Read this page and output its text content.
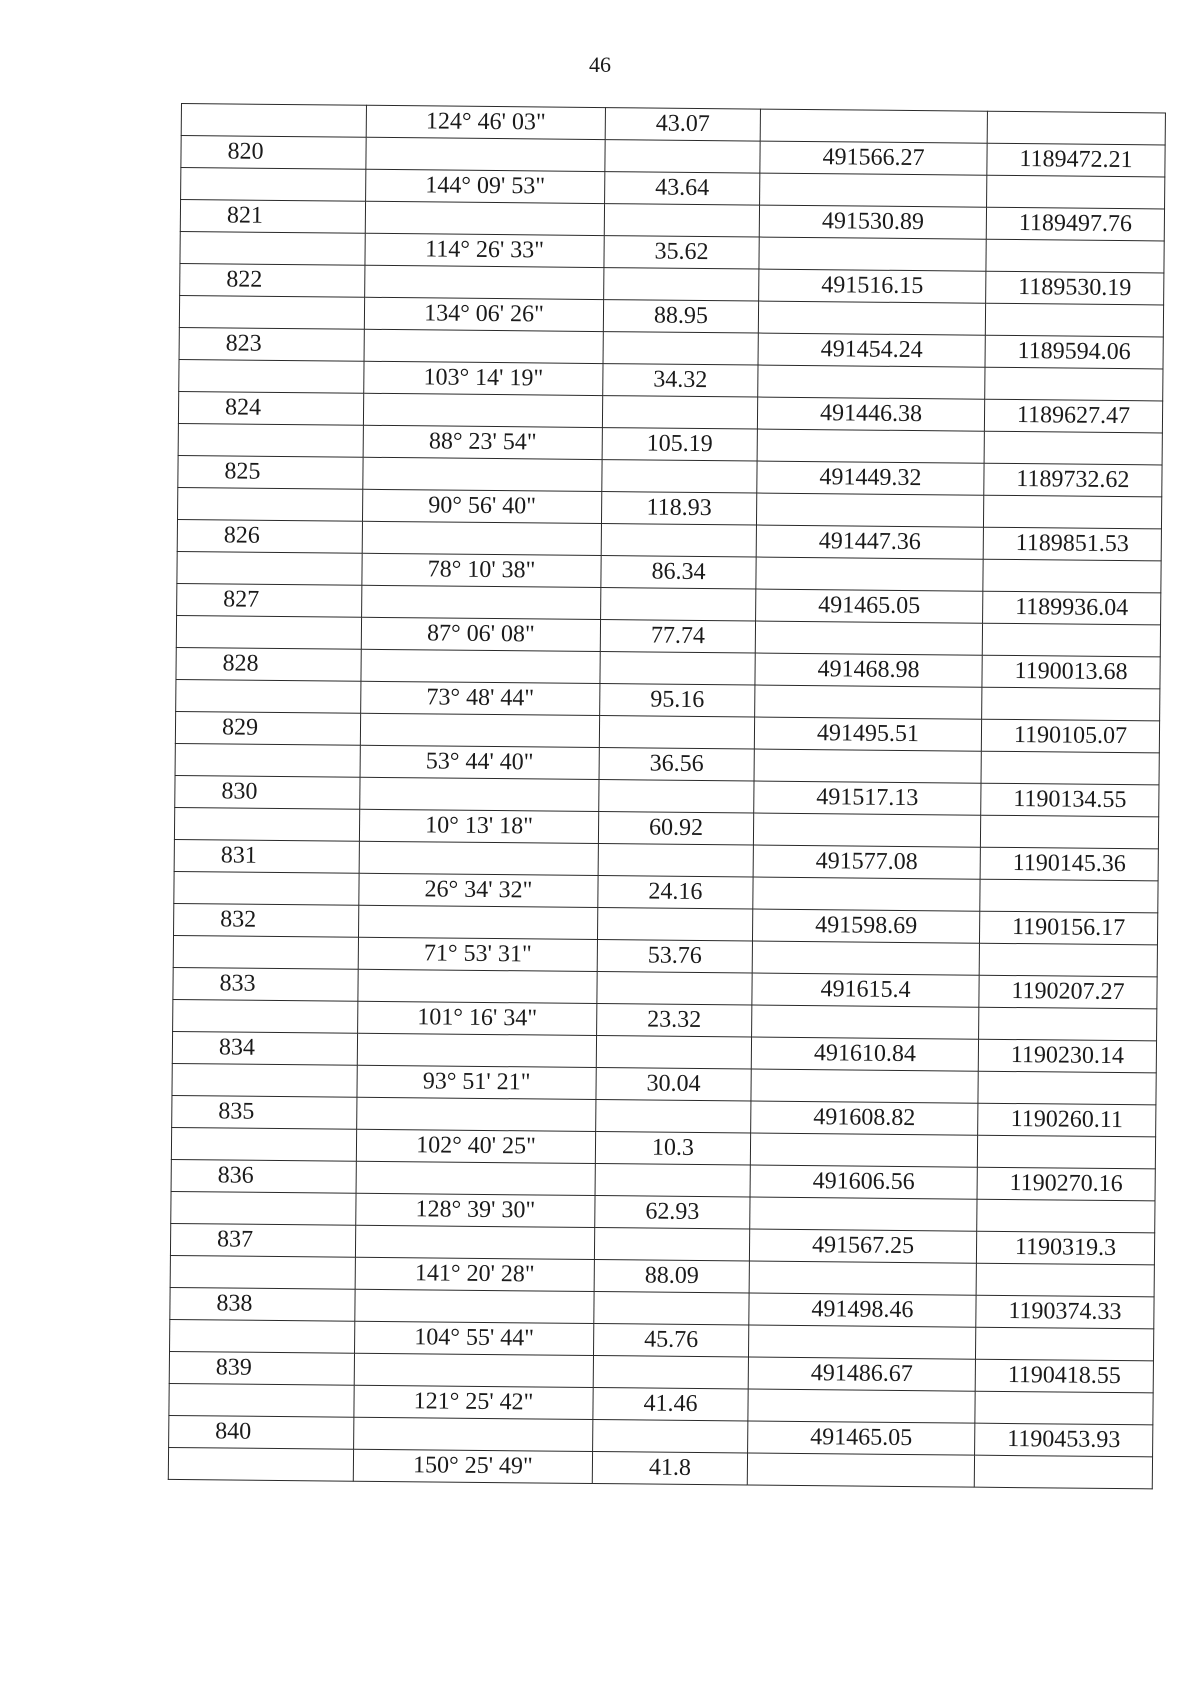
46
	124° 46' 03"	43.07		
820			491566.27	1189472.21
	144° 09' 53"	43.64		
821			491530.89	1189497.76
	114° 26' 33"	35.62		
822			491516.15	1189530.19
	134° 06' 26"	88.95		
823			491454.24	1189594.06
	103° 14' 19"	34.32		
824			491446.38	1189627.47
	88° 23' 54"	105.19		
825			491449.32	1189732.62
	90° 56' 40"	118.93		
826			491447.36	1189851.53
	78° 10' 38"	86.34		
827			491465.05	1189936.04
	87° 06' 08"	77.74		
828			491468.98	1190013.68
	73° 48' 44"	95.16		
829			491495.51	1190105.07
	53° 44' 40"	36.56		
830			491517.13	1190134.55
	10° 13' 18"	60.92		
831			491577.08	1190145.36
	26° 34' 32"	24.16		
832			491598.69	1190156.17
	71° 53' 31"	53.76		
833			491615.4	1190207.27
	101° 16' 34"	23.32		
834			491610.84	1190230.14
	93° 51' 21"	30.04		
835			491608.82	1190260.11
	102° 40' 25"	10.3		
836			491606.56	1190270.16
	128° 39' 30"	62.93		
837			491567.25	1190319.3
	141° 20' 28"	88.09		
838			491498.46	1190374.33
	104° 55' 44"	45.76		
839			491486.67	1190418.55
	121° 25' 42"	41.46		
840			491465.05	1190453.93
	150° 25' 49"	41.8		
